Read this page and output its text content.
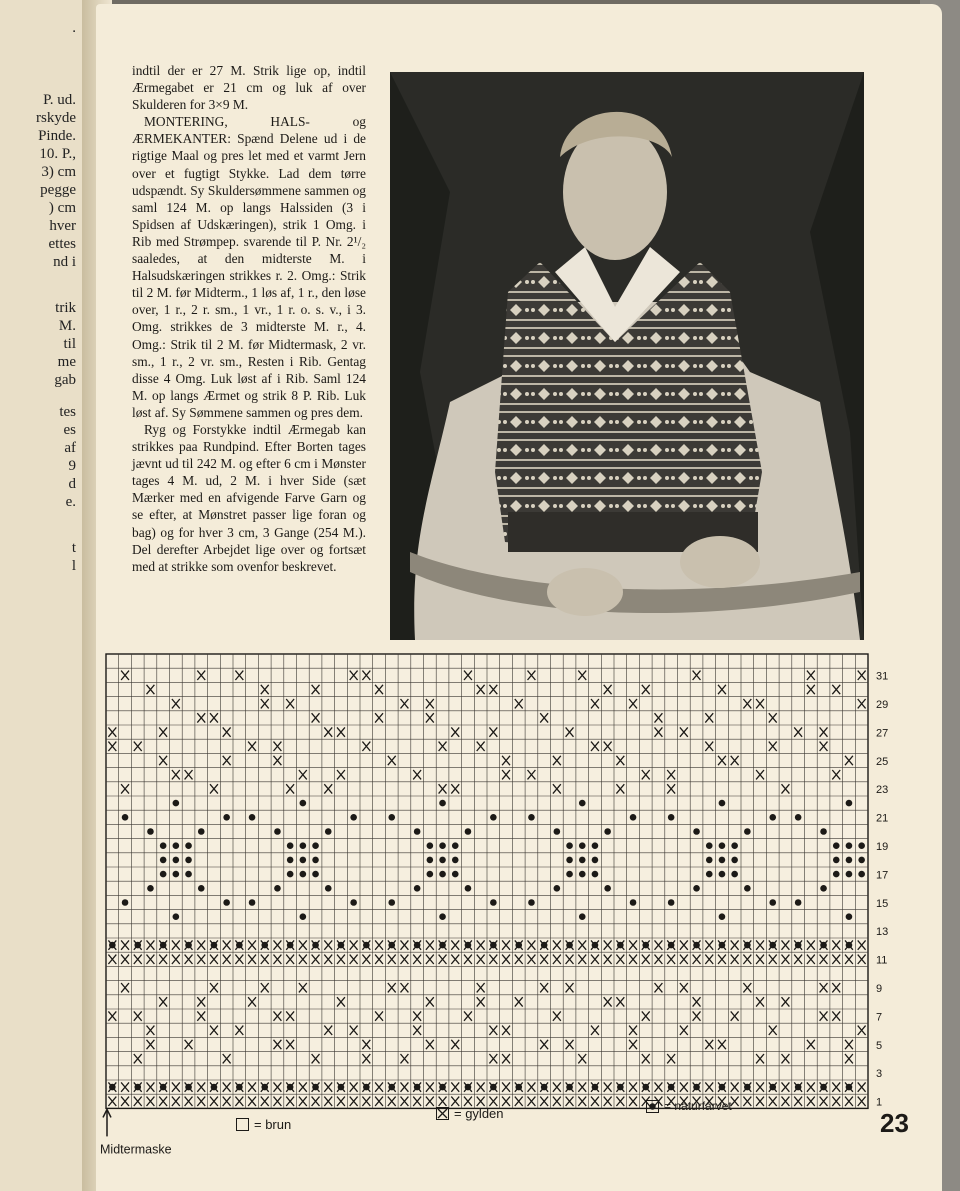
.
P. ud.
rskyde
Pinde.
10. P.,
3) cm
pegge
) cm
hver
ettes
nd i
trik
M.
til
me
gab
tes
es
af
9
d
e.
t
l

indtil der er 27 M. Strik lige op, indtil Ærmegabet er 21 cm og luk af over Skulderen for 3×9 M.

MONTERING, HALS- og ÆRMEKANTER: Spænd Delene ud i de rigtige Maal og pres let med et varmt Jern over et fugtigt Stykke. Lad dem tørre udspændt. Sy Skuldersømmene sammen og saml 124 M. op langs Halssiden (3 i Spidsen af Udskæringen), strik 1 Omg. i Rib med Strømpep. svarende til P. Nr. 2¹/₂ saaledes, at den midterste M. i Halsudskæringen strikkes r. 2. Omg.: Strik til 2 M. før Midterm., 1 løs af, 1 r., den løse over, 1 r., 2 r. sm., 1 vr., 1 r. o. s. v., i 3. Omg. strikkes de 3 midterste M. r., 4. Omg.: Strik til 2 M. før Midtermask, 2 vr. sm., 1 r., 2 vr. sm., Resten i Rib. Gentag disse 4 Omg. Luk løst af i Rib. Saml 124 M. op langs Ærmet og strik 8 P. Rib. Luk løst af. Sy Sømmene sammen og pres dem.

Ryg og Forstykke indtil Ærmegab kan strikkes paa Rundpind. Efter Borten tages jævnt ud til 242 M. og efter 6 cm i Mønster tages 4 M. ud, 2 M. i hver Side (sæt Mærker med en afvigende Farve Garn og se efter, at Mønstret passer lige foran og bag) og for hver 3 cm, 3 Gange (254 M.). Del derefter Arbejdet lige over og fortsæt med at strikke som ovenfor beskrevet.

31
29
27
25
23
21
19
17
15
13
11
9
7
5
3
1
Midtermaske
= brun
= gylden	= naturfarvet
23
